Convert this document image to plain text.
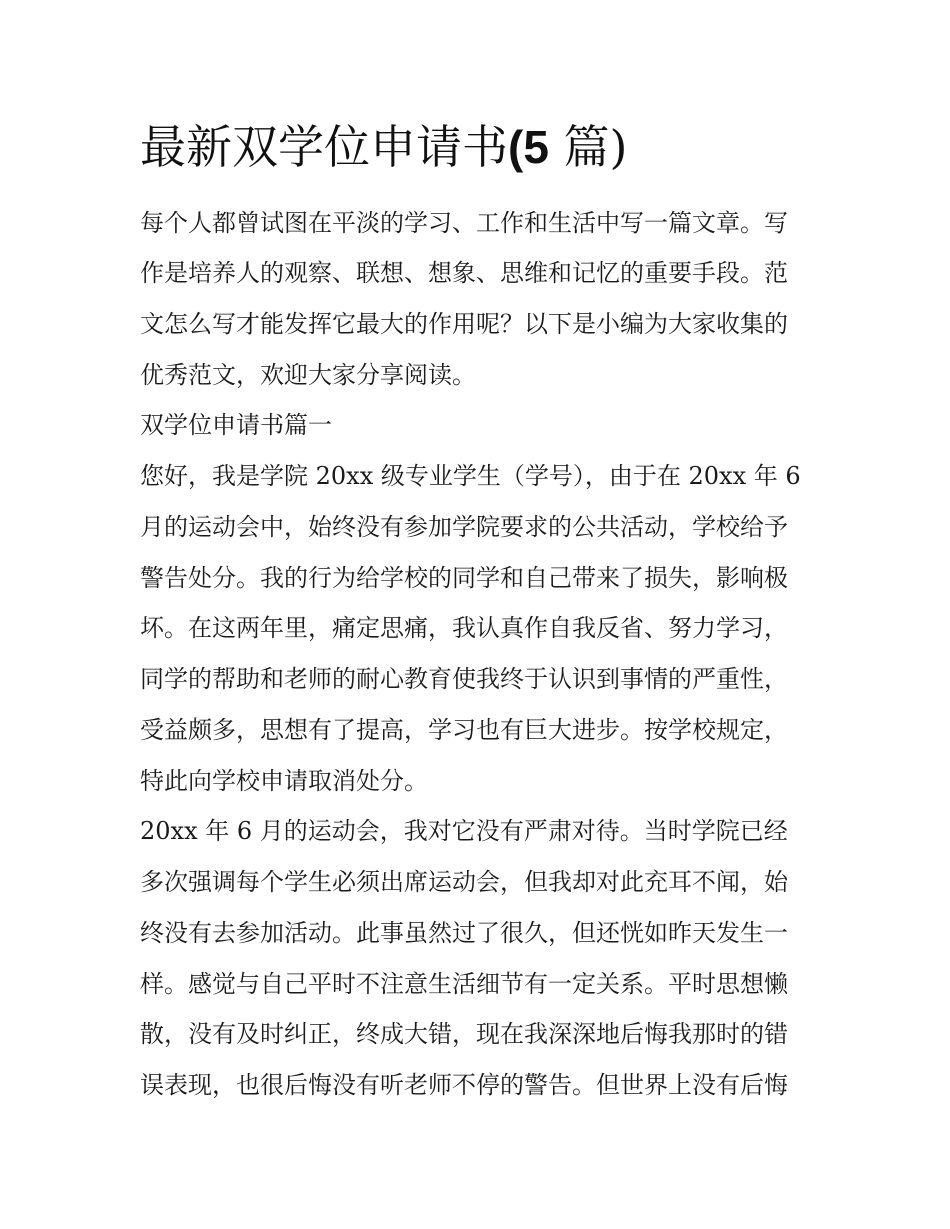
最新双学位申请书(5 篇)

每个人都曾试图在平淡的学习、工作和生活中写一篇文章。写

作是培养人的观察、联想、想象、思维和记忆的重要手段。范

文怎么写才能发挥它最大的作用呢？以下是小编为大家收集的

优秀范文，欢迎大家分享阅读。

双学位申请书篇一

您好，我是学院 20xx 级专业学生（学号），由于在 20xx 年 6

月的运动会中，始终没有参加学院要求的公共活动，学校给予

警告处分。我的行为给学校的同学和自己带来了损失，影响极

坏。在这两年里，痛定思痛，我认真作自我反省、努力学习，

同学的帮助和老师的耐心教育使我终于认识到事情的严重性，

受益颇多，思想有了提高，学习也有巨大进步。按学校规定，

特此向学校申请取消处分。

20xx 年 6 月的运动会，我对它没有严肃对待。当时学院已经

多次强调每个学生必须出席运动会，但我却对此充耳不闻，始

终没有去参加活动。此事虽然过了很久，但还恍如昨天发生一

样。感觉与自己平时不注意生活细节有一定关系。平时思想懒

散，没有及时纠正，终成大错，现在我深深地后悔我那时的错

误表现，也很后悔没有听老师不停的警告。但世界上没有后悔
